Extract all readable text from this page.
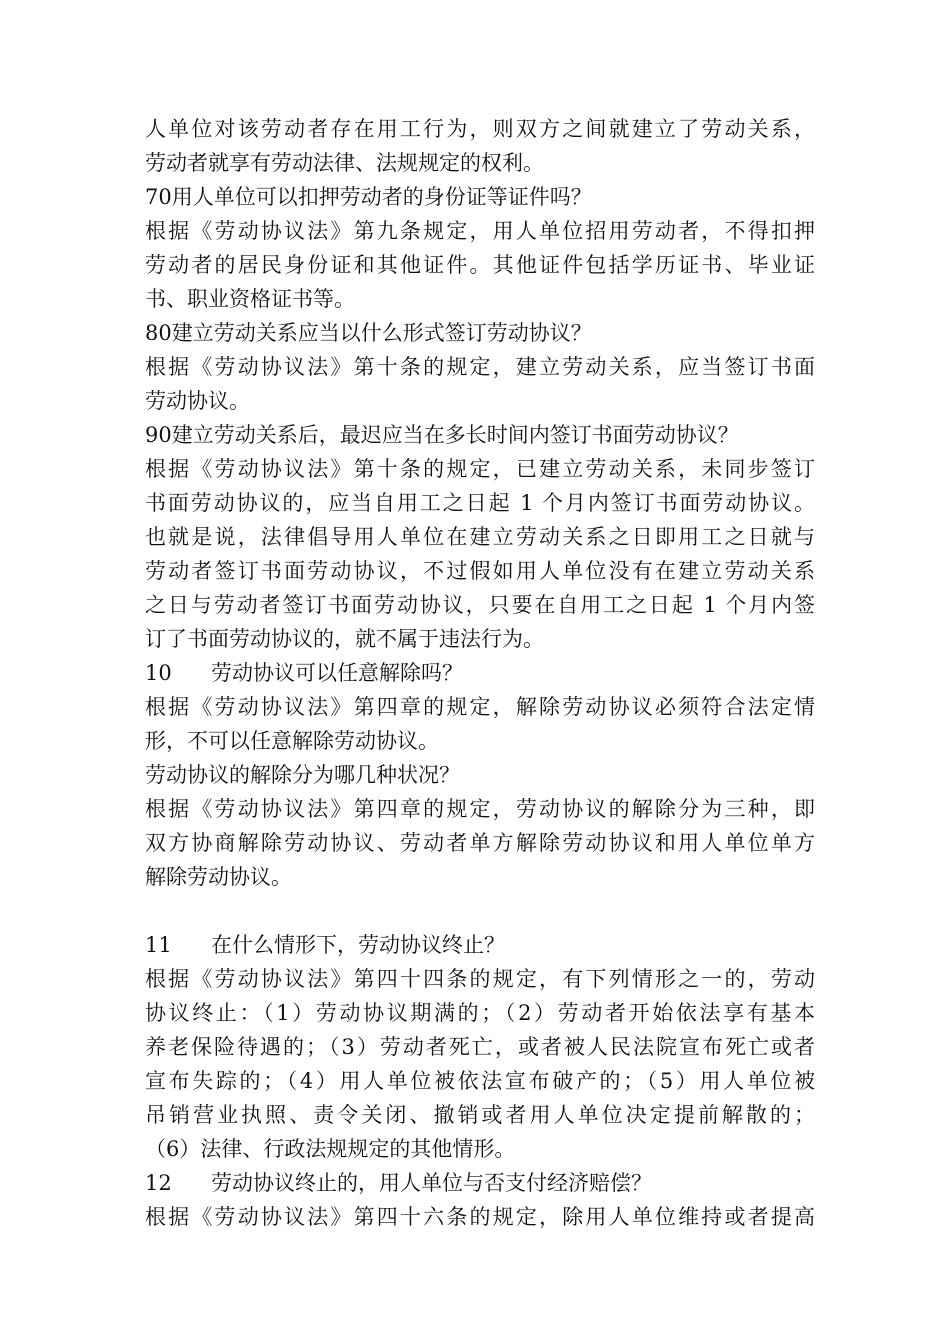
人单位对该劳动者存在用工行为，则双方之间就建立了劳动关系，
劳动者就享有劳动法律、法规规定的权利。
70用人单位可以扣押劳动者的身份证等证件吗？
根据《劳动协议法》第九条规定，用人单位招用劳动者，不得扣押
劳动者的居民身份证和其他证件。其他证件包括学历证书、毕业证
书、职业资格证书等。
80建立劳动关系应当以什么形式签订劳动协议？
根据《劳动协议法》第十条的规定，建立劳动关系，应当签订书面
劳动协议。
90建立劳动关系后，最迟应当在多长时间内签订书面劳动协议？
根据《劳动协议法》第十条的规定，已建立劳动关系，未同步签订
书面劳动协议的，应当自用工之日起 1 个月内签订书面劳动协议。
也就是说，法律倡导用人单位在建立劳动关系之日即用工之日就与
劳动者签订书面劳动协议，不过假如用人单位没有在建立劳动关系
之日与劳动者签订书面劳动协议，只要在自用工之日起 1 个月内签
订了书面劳动协议的，就不属于违法行为。
10 劳动协议可以任意解除吗？
根据《劳动协议法》第四章的规定，解除劳动协议必须符合法定情
形，不可以任意解除劳动协议。
劳动协议的解除分为哪几种状况？
根据《劳动协议法》第四章的规定，劳动协议的解除分为三种，即
双方协商解除劳动协议、劳动者单方解除劳动协议和用人单位单方
解除劳动协议。
11 在什么情形下，劳动协议终止？
根据《劳动协议法》第四十四条的规定，有下列情形之一的，劳动
协议终止：（1）劳动协议期满的；（2）劳动者开始依法享有基本
养老保险待遇的；（3）劳动者死亡，或者被人民法院宣布死亡或者
宣布失踪的；（4）用人单位被依法宣布破产的；（5）用人单位被
吊销营业执照、责令关闭、撤销或者用人单位决定提前解散的；
（6）法律、行政法规规定的其他情形。
12 劳动协议终止的，用人单位与否支付经济赔偿？
根据《劳动协议法》第四十六条的规定，除用人单位维持或者提高
